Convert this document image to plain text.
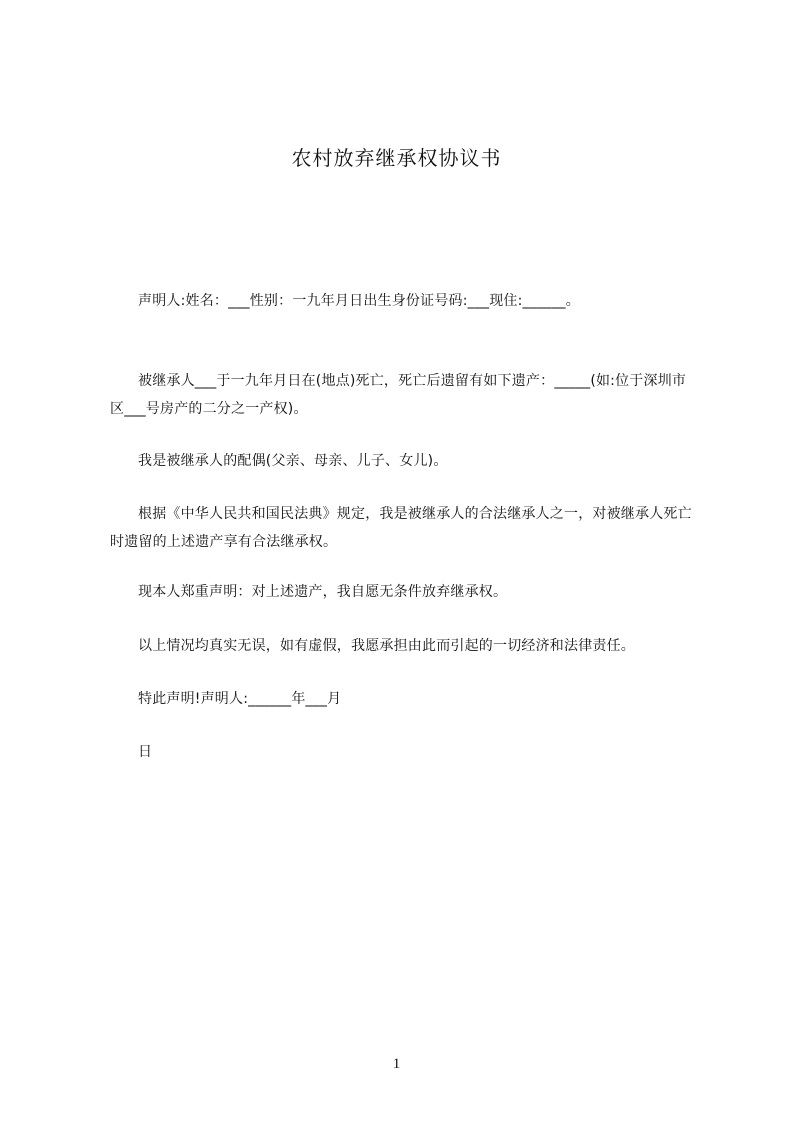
农村放弃继承权协议书
声明人:姓名：___性别：一九年月日出生身份证号码:___现住:______。
被继承人___于一九年月日在(地点)死亡，死亡后遗留有如下遗产：_____(如:位于深圳市区___号房产的二分之一产权)。
我是被继承人的配偶(父亲、母亲、儿子、女儿)。
根据《中华人民共和国民法典》规定，我是被继承人的合法继承人之一，对被继承人死亡时遗留的上述遗产享有合法继承权。
现本人郑重声明：对上述遗产，我自愿无条件放弃继承权。
以上情况均真实无误，如有虚假，我愿承担由此而引起的一切经济和法律责任。
特此声明!声明人:______年___月
日
1
